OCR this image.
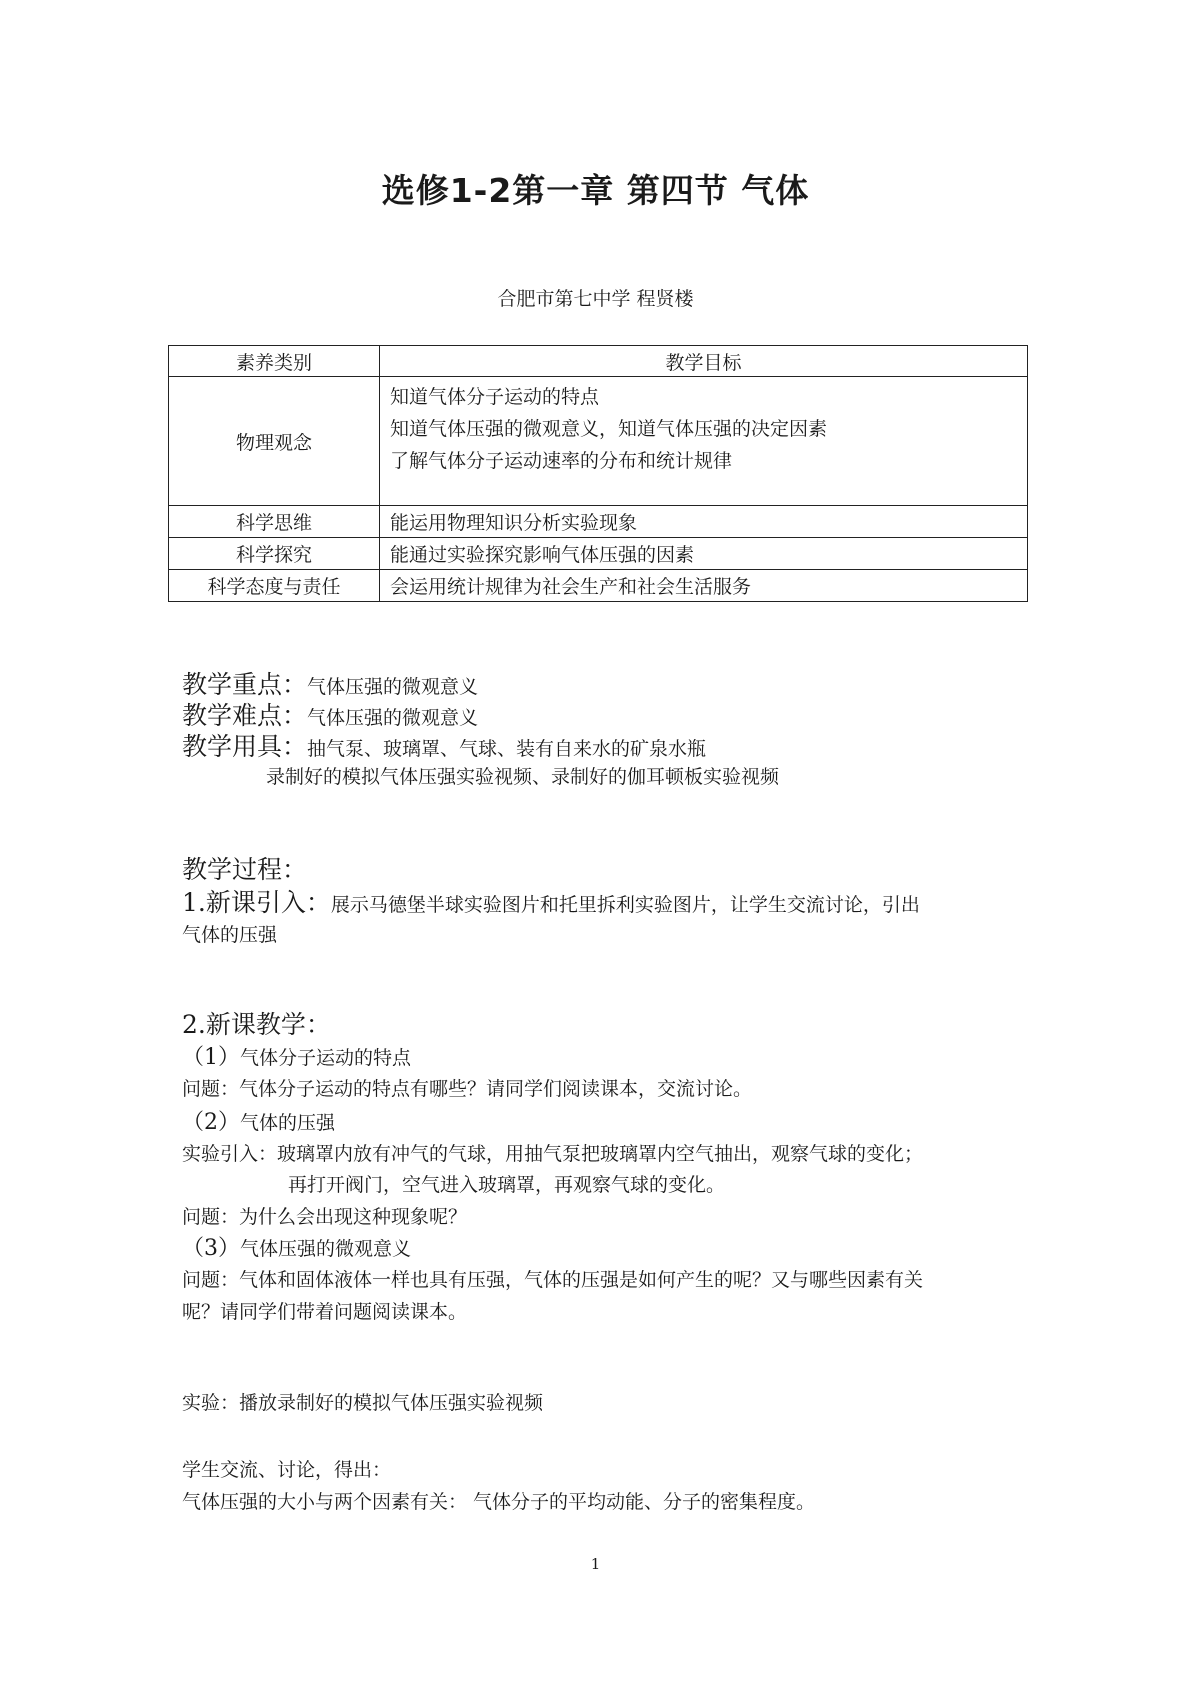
选修1-2第一章 第四节 气体
合肥市第七中学 程贤楼
素养类别	教学目标
物理观念	知道气体分子运动的特点
知道气体压强的微观意义，知道气体压强的决定因素
了解气体分子运动速率的分布和统计规律

科学思维	能运用物理知识分析实验现象
科学探究	能通过实验探究影响气体压强的因素
科学态度与责任	会运用统计规律为社会生产和社会生活服务
教学重点：气体压强的微观意义
教学难点：气体压强的微观意义
教学用具：抽气泵、玻璃罩、气球、装有自来水的矿泉水瓶
录制好的模拟气体压强实验视频、录制好的伽耳顿板实验视频
教学过程：
1.新课引入：展示马德堡半球实验图片和托里拆利实验图片，让学生交流讨论，引出
气体的压强
2.新课教学：
（1）气体分子运动的特点
问题：气体分子运动的特点有哪些？请同学们阅读课本，交流讨论。
（2）气体的压强
实验引入：玻璃罩内放有冲气的气球，用抽气泵把玻璃罩内空气抽出，观察气球的变化；
再打开阀门，空气进入玻璃罩，再观察气球的变化。
问题：为什么会出现这种现象呢？
（3）气体压强的微观意义
问题：气体和固体液体一样也具有压强，气体的压强是如何产生的呢？又与哪些因素有关
呢？请同学们带着问题阅读课本。
实验：播放录制好的模拟气体压强实验视频
学生交流、讨论，得出：
气体压强的大小与两个因素有关： 气体分子的平均动能、分子的密集程度。
1
